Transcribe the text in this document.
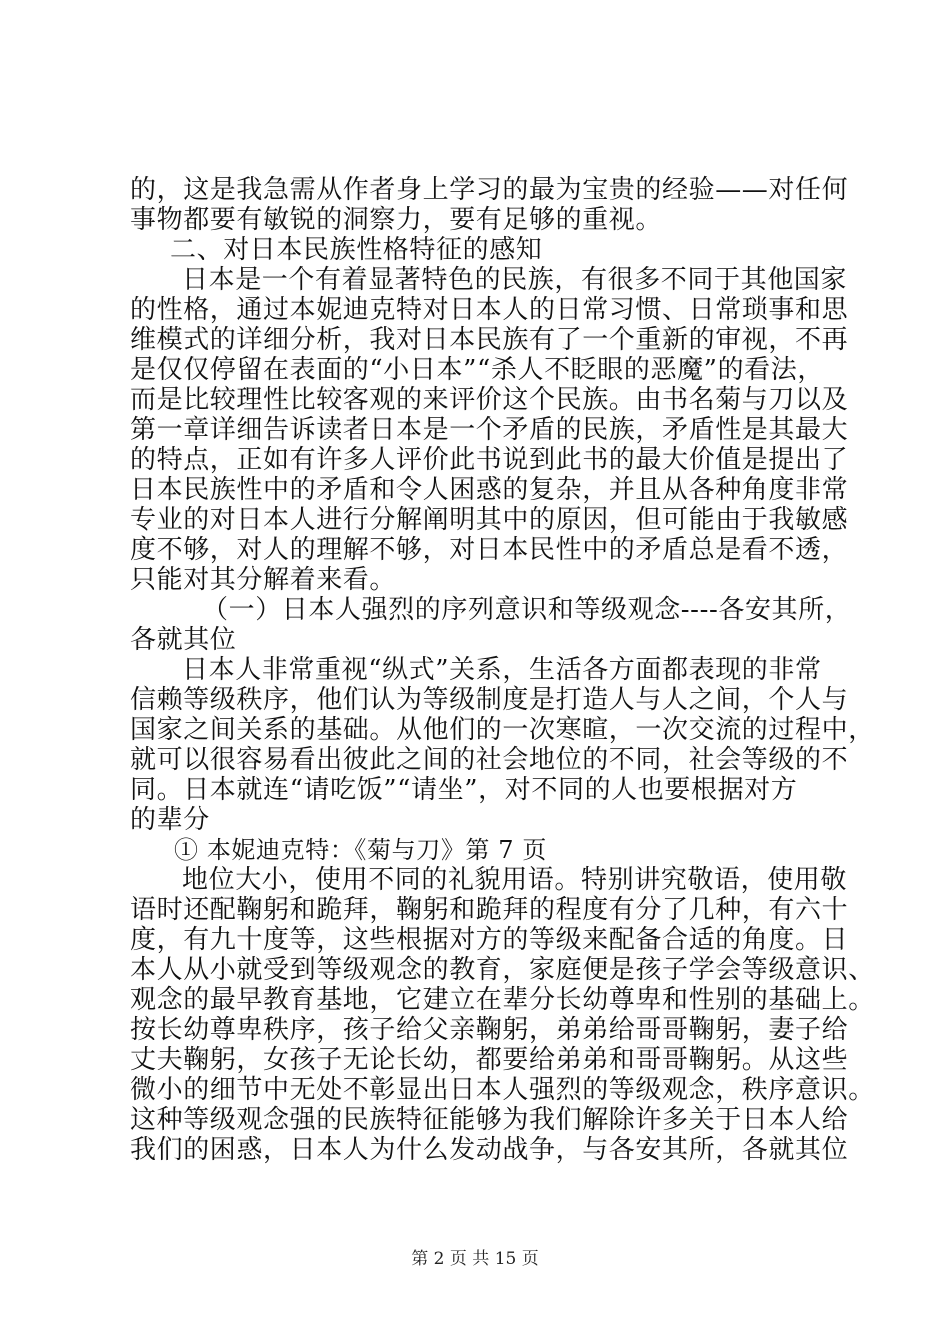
的，这是我急需从作者身上学习的最为宝贵的经验——对任何

事物都要有敏锐的洞察力，要有足够的重视。

二、对日本民族性格特征的感知

日本是一个有着显著特色的民族，有很多不同于其他国家

的性格，通过本妮迪克特对日本人的日常习惯、日常琐事和思

维模式的详细分析，我对日本民族有了一个重新的审视，不再

是仅仅停留在表面的“小日本”“杀人不眨眼的恶魔”的看法，

而是比较理性比较客观的来评价这个民族。由书名菊与刀以及

第一章详细告诉读者日本是一个矛盾的民族，矛盾性是其最大

的特点，正如有许多人评价此书说到此书的最大价值是提出了

日本民族性中的矛盾和令人困惑的复杂，并且从各种角度非常

专业的对日本人进行分解阐明其中的原因，但可能由于我敏感

度不够，对人的理解不够，对日本民性中的矛盾总是看不透，

只能对其分解着来看。

（一）日本人强烈的序列意识和等级观念----各安其所，

各就其位

日本人非常重视“纵式”关系，生活各方面都表现的非常

信赖等级秩序，他们认为等级制度是打造人与人之间，个人与

国家之间关系的基础。从他们的一次寒暄，一次交流的过程中，

就可以很容易看出彼此之间的社会地位的不同，社会等级的不

同。日本就连“请吃饭”“请坐”，对不同的人也要根据对方

的辈分

① 本妮迪克特：《菊与刀》第 7 页

地位大小，使用不同的礼貌用语。特别讲究敬语，使用敬

语时还配鞠躬和跪拜，鞠躬和跪拜的程度有分了几种，有六十

度，有九十度等，这些根据对方的等级来配备合适的角度。日

本人从小就受到等级观念的教育，家庭便是孩子学会等级意识、

观念的最早教育基地，它建立在辈分长幼尊卑和性别的基础上。

按长幼尊卑秩序，孩子给父亲鞠躬，弟弟给哥哥鞠躬，妻子给

丈夫鞠躬，女孩子无论长幼，都要给弟弟和哥哥鞠躬。从这些

微小的细节中无处不彰显出日本人强烈的等级观念，秩序意识。

这种等级观念强的民族特征能够为我们解除许多关于日本人给

我们的困惑，日本人为什么发动战争，与各安其所，各就其位

第 2 页 共 15 页
